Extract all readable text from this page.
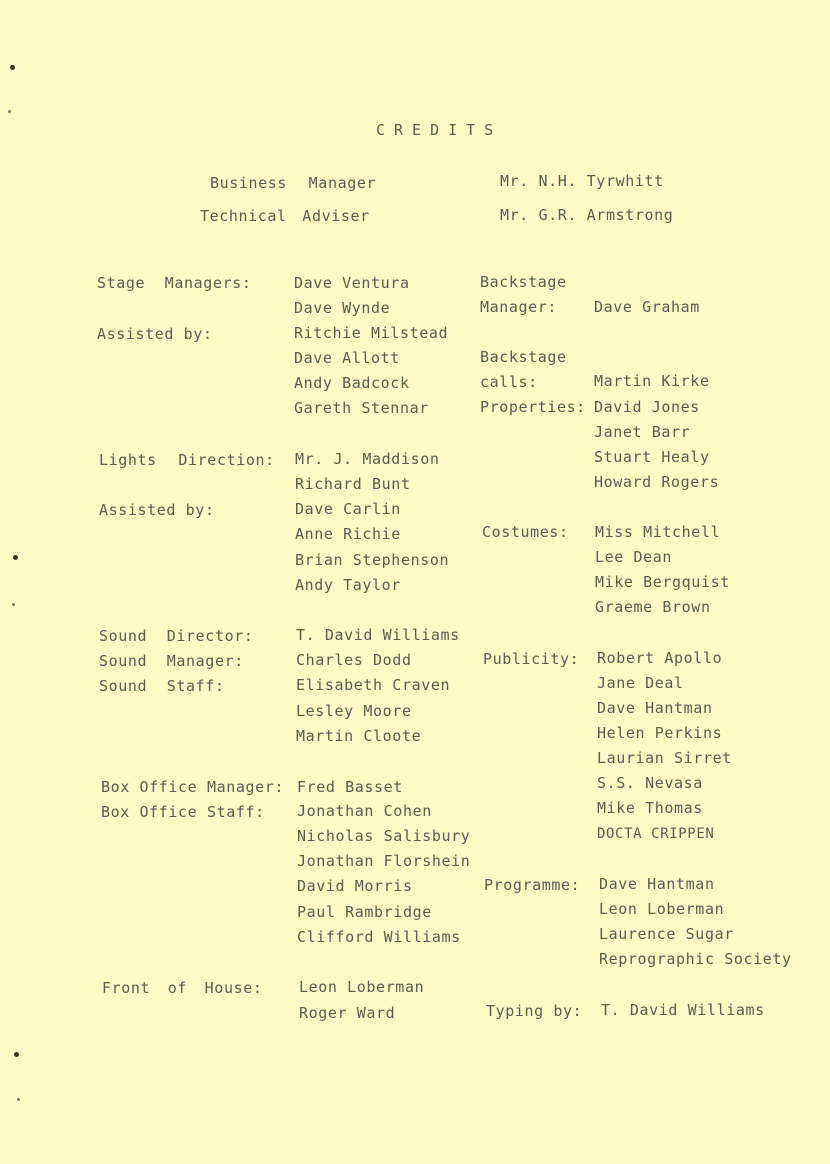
CREDITS
Business Manager	Mr. N.H. Tyrwhitt
Technical Adviser	Mr. G.R. Armstrong
Stage Managers:	Dave Ventura
Dave Wynde
Assisted by:	Ritchie Milstead
Dave Allott
Andy Badcock
Gareth Stennar
Lights Direction: Mr. J. Maddison
Richard Bunt
Assisted by:	Dave Carlin
Anne Richie
Brian Stephenson
Andy Taylor
Sound Director:	T. David Williams
Sound Manager:	Charles Dodd
Sound Staff:	Elisabeth Craven
Lesley Moore
Martin Cloote
Box Office Manager: Fred Basset
Box Office Staff: Jonathan Cohen
Nicholas Salisbury
Jonathan Florshein
David Morris
Paul Rambridge
Clifford Williams
Front of House: Leon Loberman
Roger Ward
Backstage
Manager: Dave Graham
Backstage
calls:	Martin Kirke
Properties: David Jones
Janet Barr
Stuart Healy
Howard Rogers
Costumes: Miss Mitchell
Lee Dean
Mike Bergquist
Graeme Brown
Publicity: Robert Apollo
Jane Deal
Dave Hantman
Helen Perkins
Laurian Sirret
S.S. Nevasa
Mike Thomas
DOCTA CRIPPEN
Programme: Dave Hantman
Leon Loberman
Laurence Sugar
Reprographic Society
Typing by: T. David Williams
